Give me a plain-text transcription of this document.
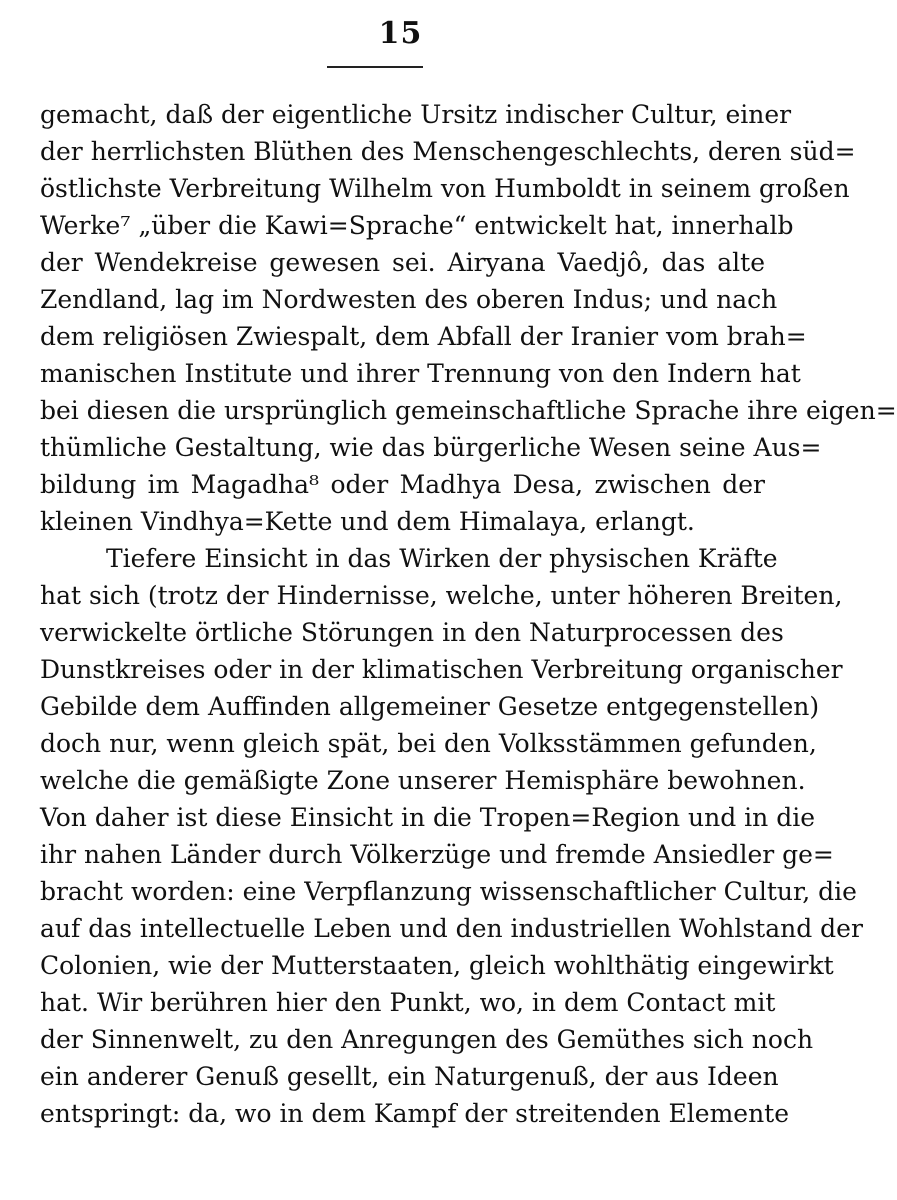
15
gemacht, daß der eigentliche Ursitz indischer Cultur, einer
der herrlichsten Blüthen des Menschengeschlechts, deren süd=
östlichste Verbreitung Wilhelm von Humboldt in seinem großen
Werke⁷ „über die Kawi=Sprache“ entwickelt hat, innerhalb
der Wendekreise gewesen sei. Airyana Vaedjô, das alte
Zendland, lag im Nordwesten des oberen Indus; und nach
dem religiösen Zwiespalt, dem Abfall der Iranier vom brah=
manischen Institute und ihrer Trennung von den Indern hat
bei diesen die ursprünglich gemeinschaftliche Sprache ihre eigen=
thümliche Gestaltung, wie das bürgerliche Wesen seine Aus=
bildung im Magadha⁸ oder Madhya Desa, zwischen der
kleinen Vindhya=Kette und dem Himalaya, erlangt.
Tiefere Einsicht in das Wirken der physischen Kräfte
hat sich (trotz der Hindernisse, welche, unter höheren Breiten,
verwickelte örtliche Störungen in den Naturprocessen des
Dunstkreises oder in der klimatischen Verbreitung organischer
Gebilde dem Auffinden allgemeiner Gesetze entgegenstellen)
doch nur, wenn gleich spät, bei den Volksstämmen gefunden,
welche die gemäßigte Zone unserer Hemisphäre bewohnen.
Von daher ist diese Einsicht in die Tropen=Region und in die
ihr nahen Länder durch Völkerzüge und fremde Ansiedler ge=
bracht worden: eine Verpflanzung wissenschaftlicher Cultur, die
auf das intellectuelle Leben und den industriellen Wohlstand der
Colonien, wie der Mutterstaaten, gleich wohlthätig eingewirkt
hat. Wir berühren hier den Punkt, wo, in dem Contact mit
der Sinnenwelt, zu den Anregungen des Gemüthes sich noch
ein anderer Genuß gesellt, ein Naturgenuß, der aus Ideen
entspringt: da, wo in dem Kampf der streitenden Elemente
